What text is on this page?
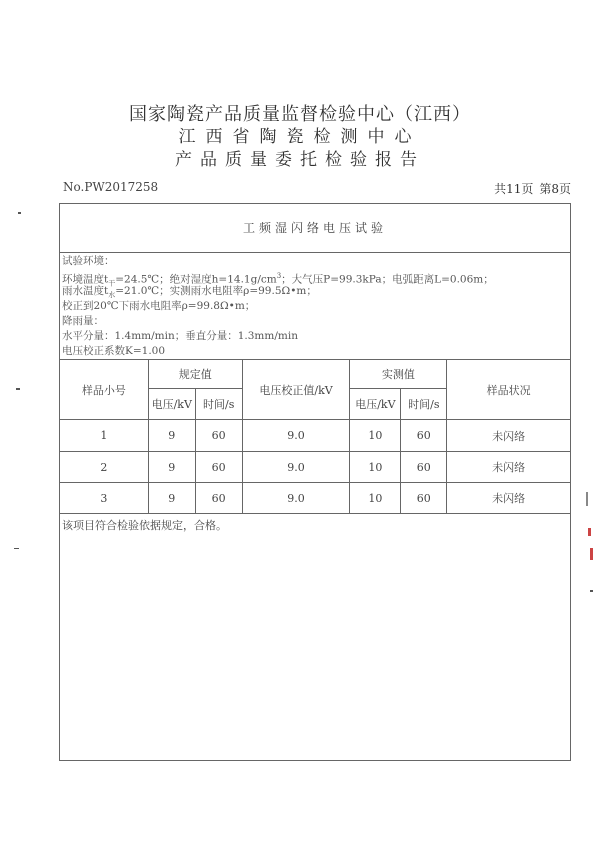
国家陶瓷产品质量监督检验中心（江西）
江西省陶瓷检测中心
产品质量委托检验报告
No.PW2017258	共11页 第8页
工频湿闪络电压试验
试验环境：
环境温度$t_干=24.5℃$；绝对湿度$h=14.1g/cm^3$；大气压P=99.3kPa；电弧距离L=0.06m；
雨水温度$t_水=21.0℃$；实测雨水电阻率ρ=99.5Ω•m；
校正到20℃下雨水电阻率ρ=99.8Ω•m；
降雨量：
水平分量：1.4mm/min；垂直分量：1.3mm/min
电压校正系数K=1.00
样品小号	规定值		电压校正值/kV	实测值		样品状况
	电压/kV	时间/s		电压/kV	时间/s	
1	9	60	9.0	10	60	未闪络
2	9	60	9.0	10	60	未闪络
3	9	60	9.0	10	60	未闪络
该项目符合检验依据规定，合格。
